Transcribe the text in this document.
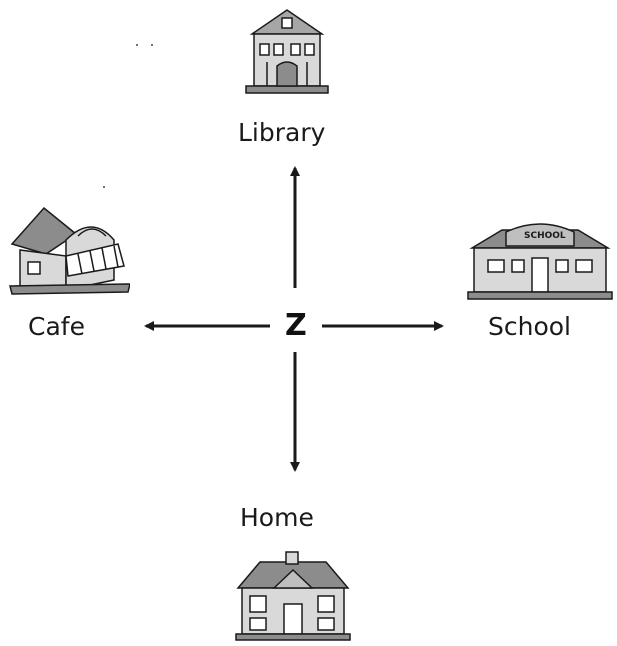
Z
Library
Cafe
SCHOOL
School
Home
